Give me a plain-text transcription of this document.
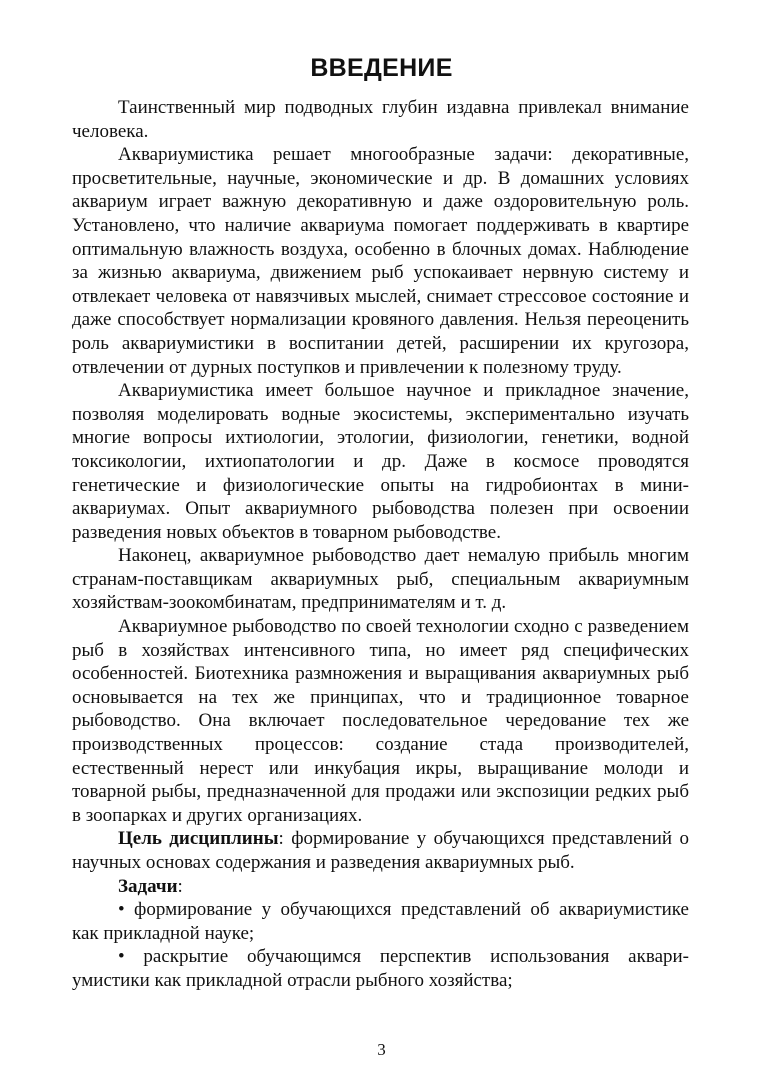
ВВЕДЕНИЕ

Таинственный мир подводных глубин издавна привлекал внимание человека.

Аквариумистика решает многообразные задачи: декоративные, просветительные, научные, экономические и др. В домашних условиях аквариум играет важную декоративную и даже оздоровительную роль. Установлено, что наличие аквариума помогает поддерживать в квартире оптимальную влажность воздуха, особенно в блочных домах. Наблюдение за жизнью аквариума, движением рыб успокаивает нервную систему и отвлекает человека от навязчивых мыслей, снимает стрессовое состояние и даже способствует нормализации кровяного давления. Нельзя переоценить роль аквариумистики в воспитании детей, расширении их кругозора, отвлечении от дурных поступков и привлечении к полезному труду.

Аквариумистика имеет большое научное и прикладное значение, позволяя моделировать водные экосистемы, экспериментально изучать многие вопросы ихтиологии, этологии, физиологии, генетики, водной токсикологии, ихтиопатологии и др. Даже в космосе проводятся генетические и физиологические опыты на гидробионтах в мини-аквариумах. Опыт аквариумного рыбоводства полезен при освоении разведения новых объектов в товарном рыбоводстве.

Наконец, аквариумное рыбоводство дает немалую прибыль многим странам-поставщикам аквариумных рыб, специальным аквариумным хозяйствам-зоокомбинатам, предпринимателям и т. д.

Аквариумное рыбоводство по своей технологии сходно с разведением рыб в хозяйствах интенсивного типа, но имеет ряд специфических особенностей. Биотехника размножения и выращивания аквариумных рыб основывается на тех же принципах, что и традиционное товарное рыбоводство. Она включает последовательное чередование тех же производственных процессов: создание стада производителей, естественный нерест или инкубация икры, выращивание молоди и товарной рыбы, предназначенной для продажи или экспозиции редких рыб в зоопарках и других организациях.

Цель дисциплины: формирование у обучающихся представлений о научных основах содержания и разведения аквариумных рыб.

Задачи:

• формирование у обучающихся представлений об аквариумистике как прикладной науке;

• раскрытие обучающимся перспектив использования аквариумистики как прикладной отрасли рыбного хозяйства;

3
